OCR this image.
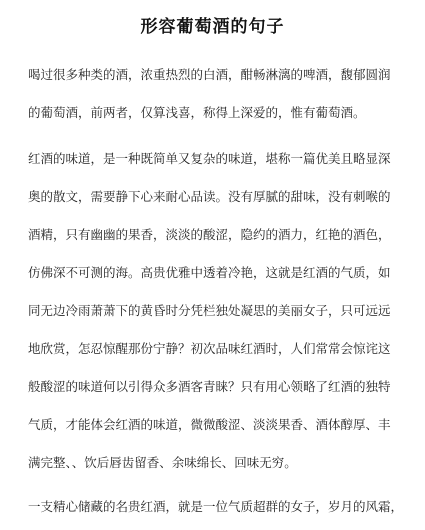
形容葡萄酒的句子
喝过很多种类的酒，浓重热烈的白酒，酣畅淋漓的啤酒，馥郁圆润
的葡萄酒，前两者，仅算浅喜，称得上深爱的，惟有葡萄酒。
红酒的味道，是一种既简单又复杂的味道，堪称一篇优美且略显深
奥的散文，需要静下心来耐心品读。没有厚腻的甜味，没有刺喉的
酒精，只有幽幽的果香，淡淡的酸涩，隐约的酒力，红艳的酒色，
仿佛深不可测的海。高贵优雅中透着冷艳，这就是红酒的气质，如
同无边冷雨萧萧下的黄昏时分凭栏独处凝思的美丽女子，只可远远
地欣赏，怎忍惊醒那份宁静？初次品味红酒时，人们常常会惊诧这
般酸涩的味道何以引得众多酒客青睐？只有用心领略了红酒的独特
气质，才能体会红酒的味道，微微酸涩、淡淡果香、酒体醇厚、丰
满完整、、饮后唇齿留香、余味绵长、回味无穷。
一支精心储藏的名贵红酒，就是一位气质超群的女子，岁月的风霜，
